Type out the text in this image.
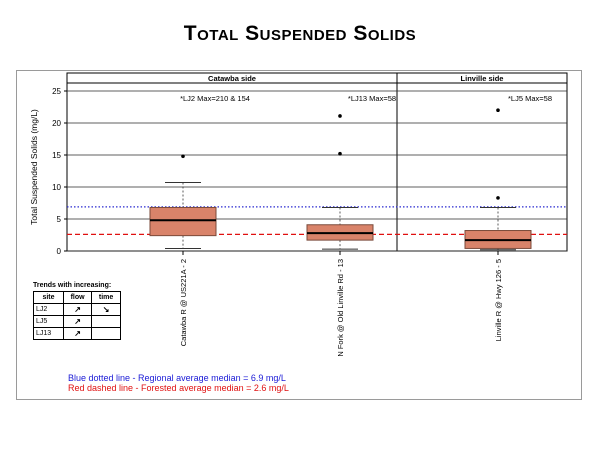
Total Suspended Solids
Catawba side	Linville side
0
5
10
15
20
25
Total Suspended Solids (mg/L)
*LJ2 Max=210 & 154
Catawba R @ US221A - 2
*LJ13 Max=58
N Fork @ Old Linville Rd - 13
*LJ5 Max=58
Linville R @ Hwy 126 - 5
Trends with increasing:
site	flow	time
LJ2	↗	↘
LJ5	↗	
LJ13	↗	
Blue dotted line - Regional average median = 6.9 mg/L
Red dashed line - Forested average median = 2.6 mg/L
